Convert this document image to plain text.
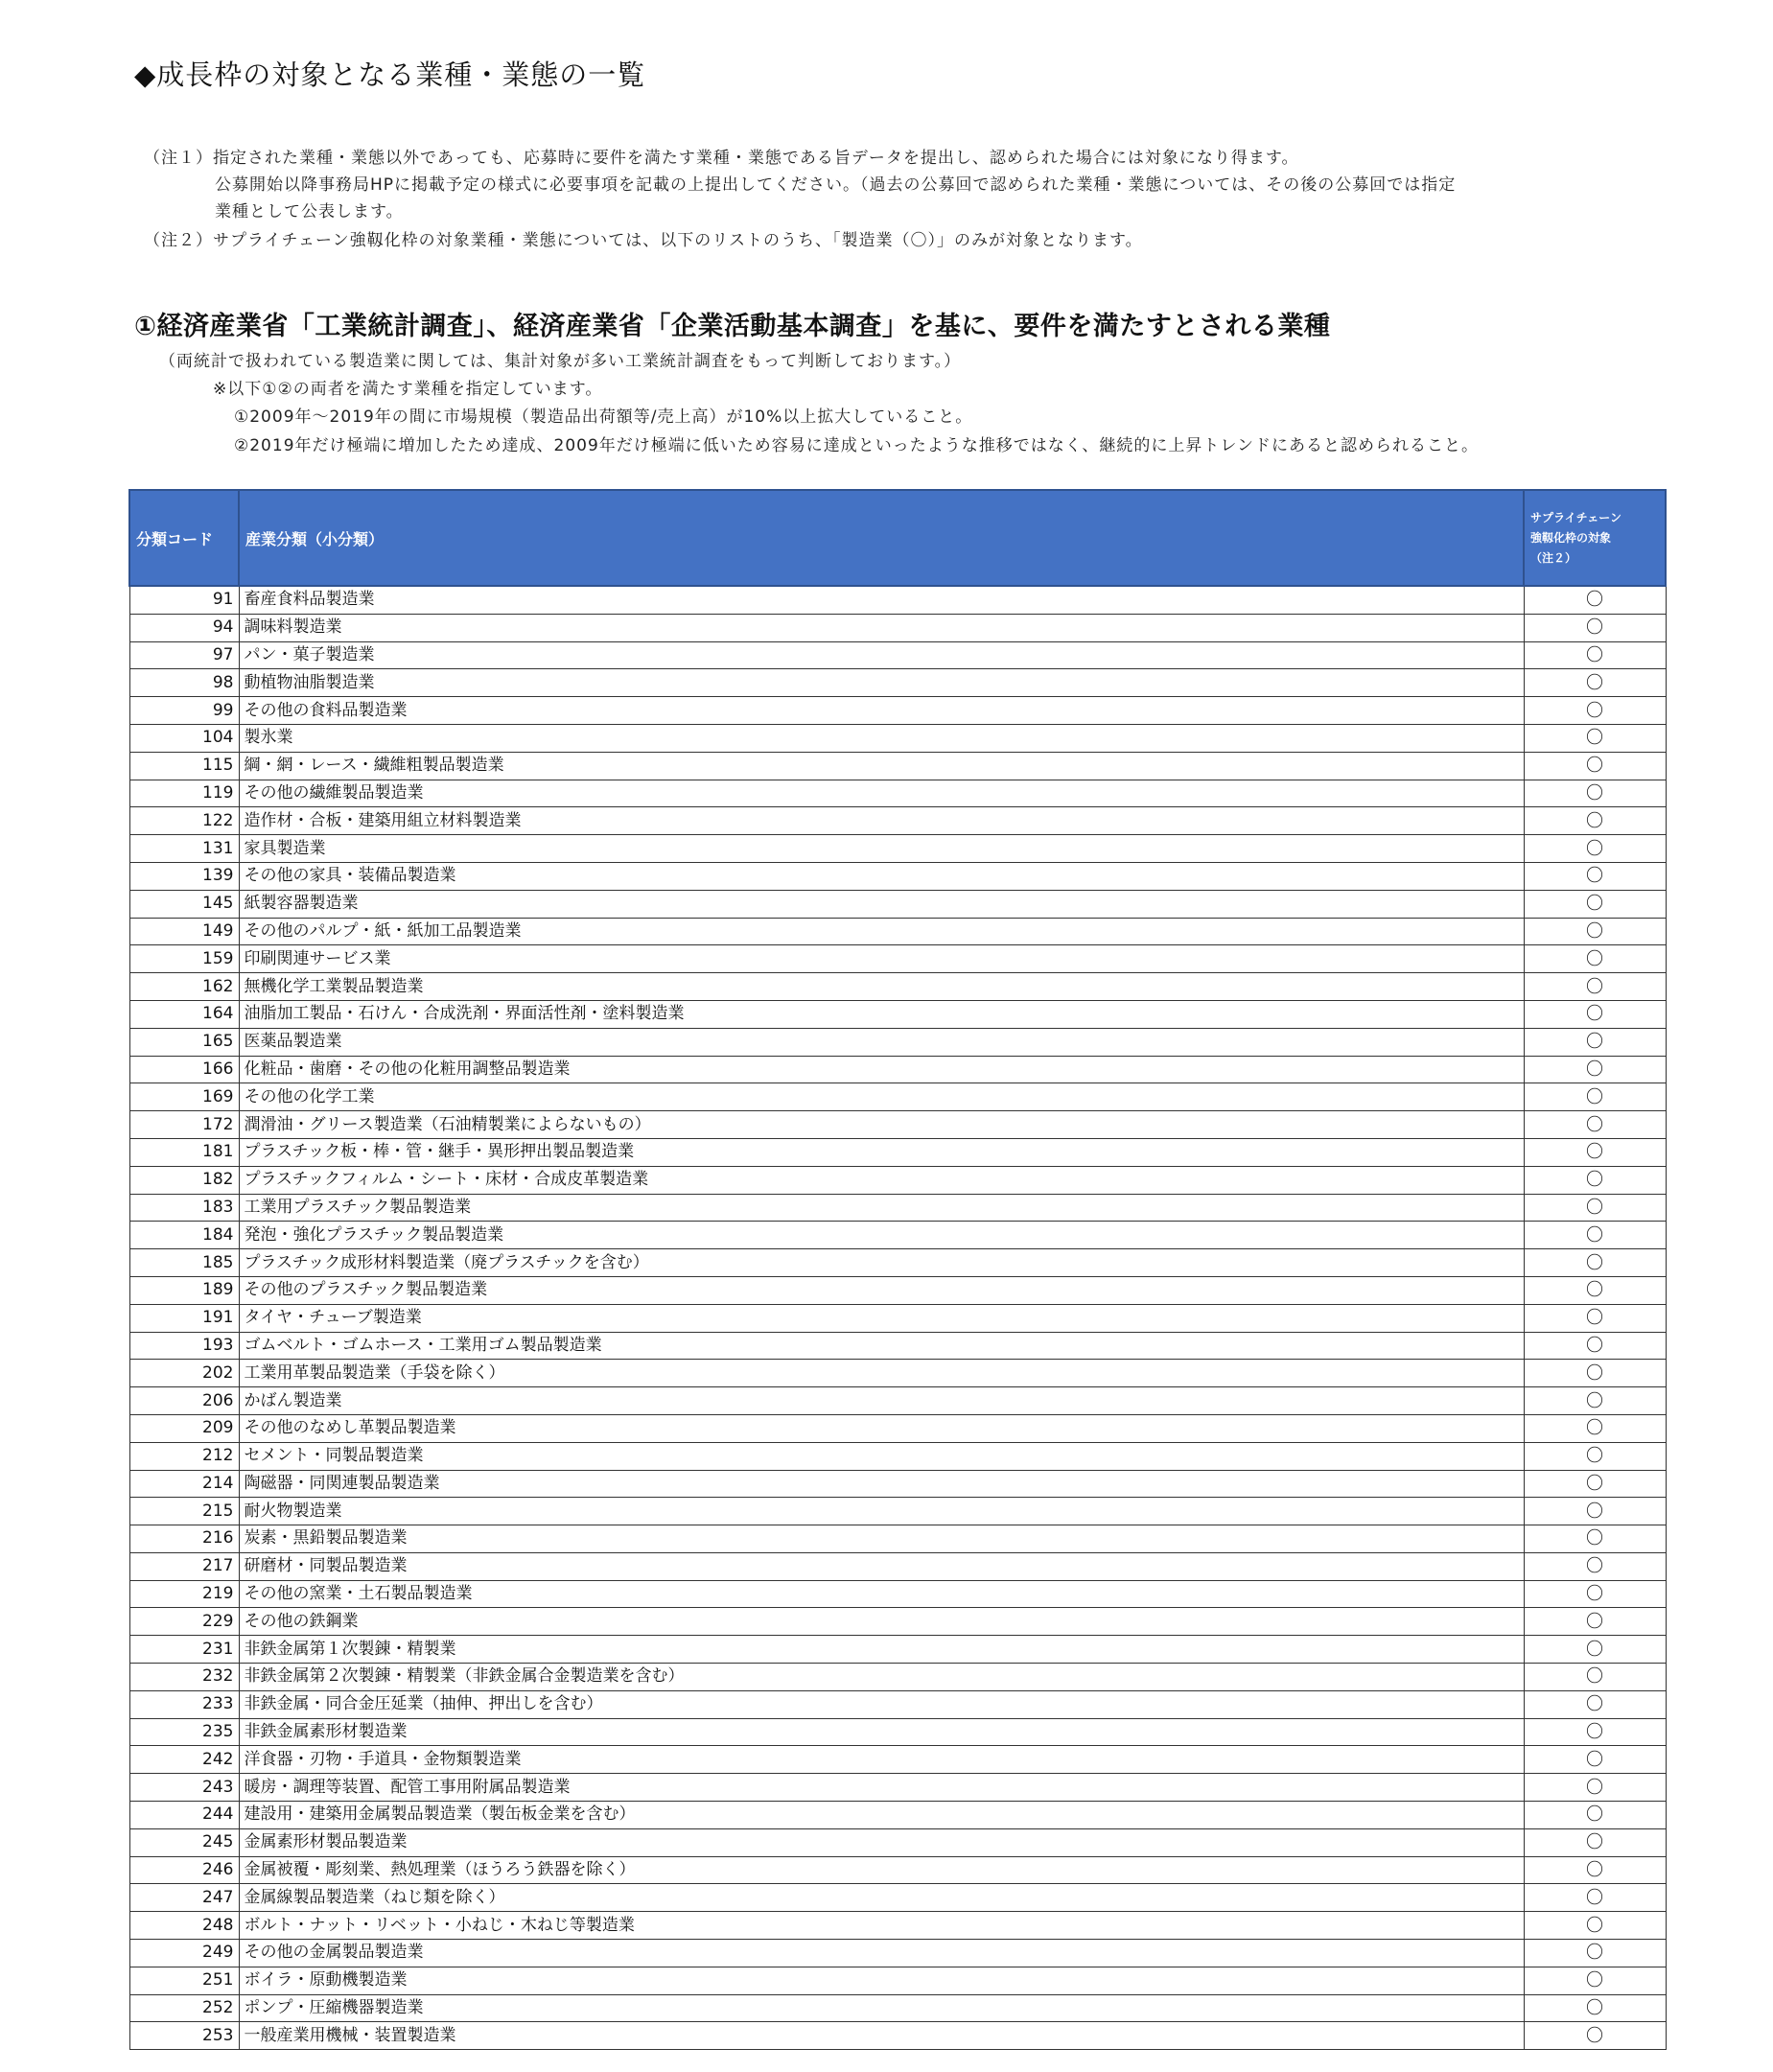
◆成長枠の対象となる業種・業態の一覧
（注１）指定された業種・業態以外であっても、応募時に要件を満たす業種・業態である旨データを提出し、認められた場合には対象になり得ます。
公募開始以降事務局HPに掲載予定の様式に必要事項を記載の上提出してください。（過去の公募回で認められた業種・業態については、その後の公募回では指定
業種として公表します。
（注２）サプライチェーン強靱化枠の対象業種・業態については、以下のリストのうち、「製造業（〇）」のみが対象となります。
①経済産業省「工業統計調査」、経済産業省「企業活動基本調査」を基に、要件を満たすとされる業種
（両統計で扱われている製造業に関しては、集計対象が多い工業統計調査をもって判断しております。）
※以下①②の両者を満たす業種を指定しています。
①2009年～2019年の間に市場規模（製造品出荷額等/売上高）が10%以上拡大していること。
②2019年だけ極端に増加したため達成、2009年だけ極端に低いため容易に達成といったような推移ではなく、継続的に上昇トレンドにあると認められること。
分類コード	産業分類（小分類）	サプライチェーン
強靱化枠の対象
（注２）

91	畜産食料品製造業	〇
94	調味料製造業	〇
97	パン・菓子製造業	〇
98	動植物油脂製造業	〇
99	その他の食料品製造業	〇
104	製氷業	〇
115	綱・網・レース・繊維粗製品製造業	〇
119	その他の繊維製品製造業	〇
122	造作材・合板・建築用組立材料製造業	〇
131	家具製造業	〇
139	その他の家具・装備品製造業	〇
145	紙製容器製造業	〇
149	その他のパルプ・紙・紙加工品製造業	〇
159	印刷関連サービス業	〇
162	無機化学工業製品製造業	〇
164	油脂加工製品・石けん・合成洗剤・界面活性剤・塗料製造業	〇
165	医薬品製造業	〇
166	化粧品・歯磨・その他の化粧用調整品製造業	〇
169	その他の化学工業	〇
172	潤滑油・グリース製造業（石油精製業によらないもの）	〇
181	プラスチック板・棒・管・継手・異形押出製品製造業	〇
182	プラスチックフィルム・シート・床材・合成皮革製造業	〇
183	工業用プラスチック製品製造業	〇
184	発泡・強化プラスチック製品製造業	〇
185	プラスチック成形材料製造業（廃プラスチックを含む）	〇
189	その他のプラスチック製品製造業	〇
191	タイヤ・チューブ製造業	〇
193	ゴムベルト・ゴムホース・工業用ゴム製品製造業	〇
202	工業用革製品製造業（手袋を除く）	〇
206	かばん製造業	〇
209	その他のなめし革製品製造業	〇
212	セメント・同製品製造業	〇
214	陶磁器・同関連製品製造業	〇
215	耐火物製造業	〇
216	炭素・黒鉛製品製造業	〇
217	研磨材・同製品製造業	〇
219	その他の窯業・土石製品製造業	〇
229	その他の鉄鋼業	〇
231	非鉄金属第１次製錬・精製業	〇
232	非鉄金属第２次製錬・精製業（非鉄金属合金製造業を含む）	〇
233	非鉄金属・同合金圧延業（抽伸、押出しを含む）	〇
235	非鉄金属素形材製造業	〇
242	洋食器・刃物・手道具・金物類製造業	〇
243	暖房・調理等装置、配管工事用附属品製造業	〇
244	建設用・建築用金属製品製造業（製缶板金業を含む）	〇
245	金属素形材製品製造業	〇
246	金属被覆・彫刻業、熱処理業（ほうろう鉄器を除く）	〇
247	金属線製品製造業（ねじ類を除く）	〇
248	ボルト・ナット・リベット・小ねじ・木ねじ等製造業	〇
249	その他の金属製品製造業	〇
251	ボイラ・原動機製造業	〇
252	ポンプ・圧縮機器製造業	〇
253	一般産業用機械・装置製造業	〇
